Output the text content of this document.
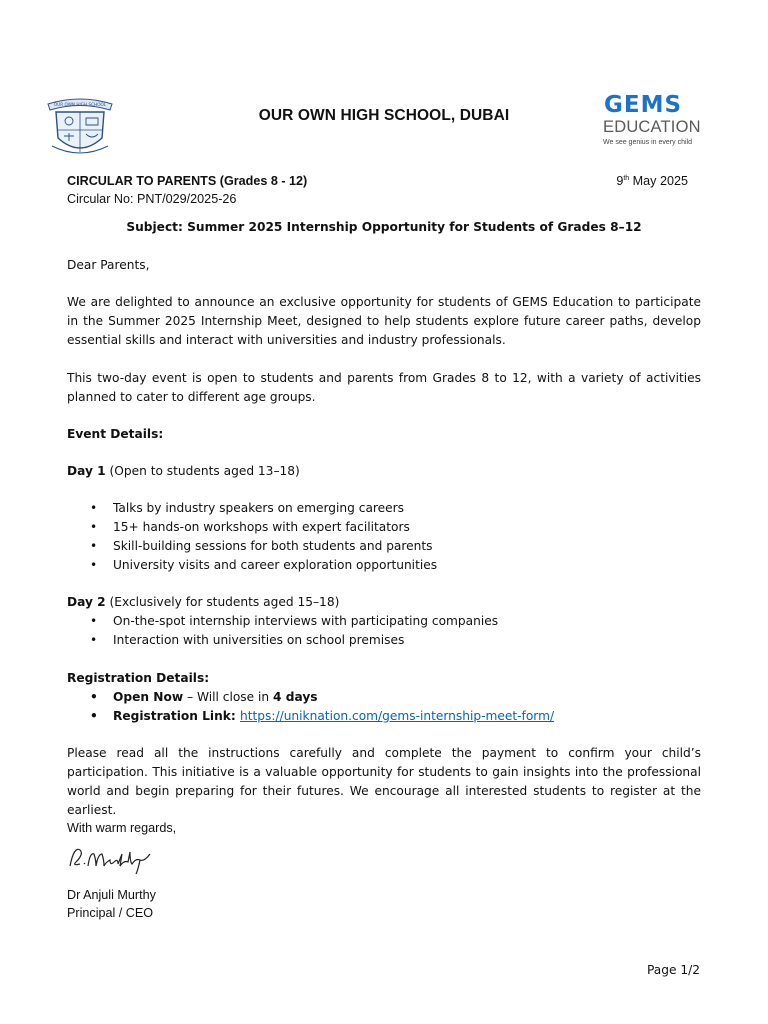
OUR OWN HIGH SCHOOL
OUR OWN HIGH SCHOOL, DUBAI	GEMS
EDUCATION
We see genius in every child
CIRCULAR TO PARENTS (Grades 8 - 12)	9th May 2025
Circular No: PNT/029/2025-26
Subject: Summer 2025 Internship Opportunity for Students of Grades 8–12
Dear Parents,
We are delighted to announce an exclusive opportunity for students of GEMS Education to participate in the Summer 2025 Internship Meet, designed to help students explore future career paths, develop essential skills and interact with universities and industry professionals.
This two-day event is open to students and parents from Grades 8 to 12, with a variety of activities planned to cater to different age groups.
Event Details:
Day 1 (Open to students aged 13–18)
• Talks by industry speakers on emerging careers
• 15+ hands-on workshops with expert facilitators
• Skill-building sessions for both students and parents
• University visits and career exploration opportunities
Day 2 (Exclusively for students aged 15–18)
• On-the-spot internship interviews with participating companies
• Interaction with universities on school premises
Registration Details:
• Open Now – Will close in 4 days
• Registration Link: https://uniknation.com/gems-internship-meet-form/
Please read all the instructions carefully and complete the payment to confirm your child’s participation. This initiative is a valuable opportunity for students to gain insights into the professional world and begin preparing for their futures. We encourage all interested students to register at the earliest.
With warm regards,
Dr Anjuli Murthy
Principal / CEO
Page 1/2
